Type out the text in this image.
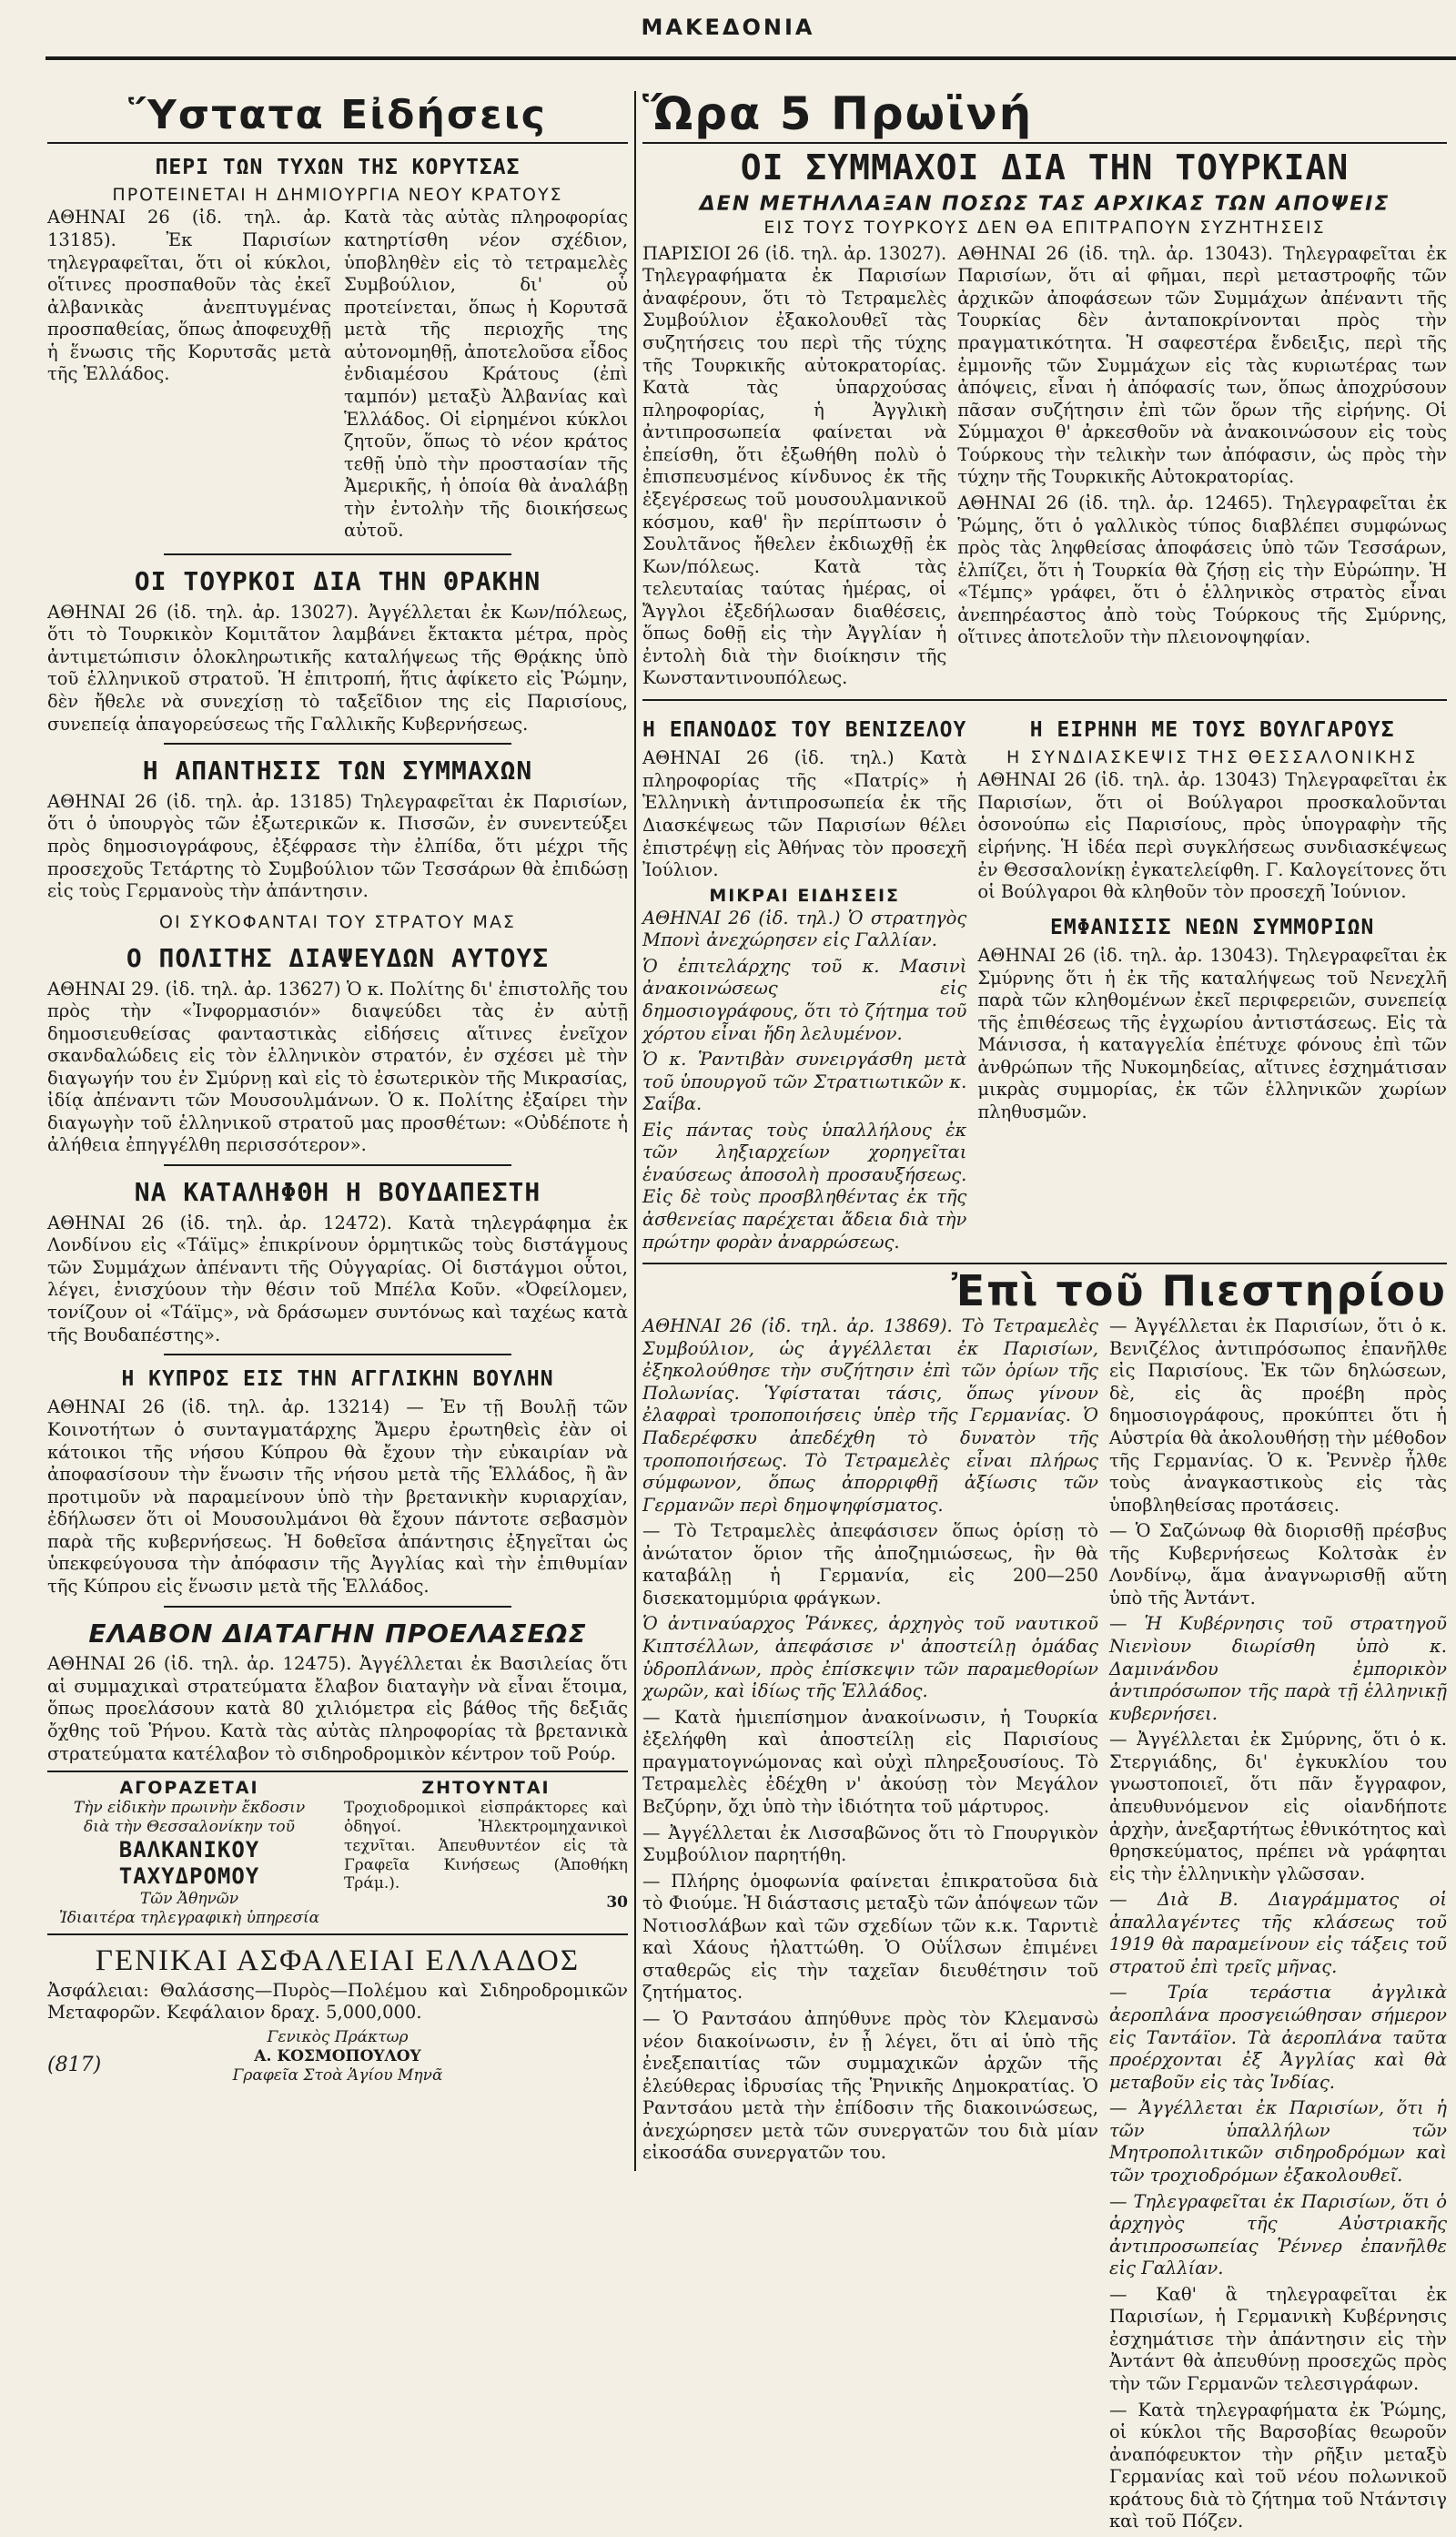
ΜΑΚΕΔΟΝΙΑ
Ὕστατα Εἰδήσεις
ΠΕΡΙ ΤΩΝ ΤΥΧΩΝ ΤΗΣ ΚΟΡΥΤΣΑΣ
ΠΡΟΤΕΙΝΕΤΑΙ Η ΔΗΜΙΟΥΡΓΙΑ ΝΕΟΥ ΚΡΑΤΟΥΣ

ΑΘΗΝΑΙ 26 (ἰδ. τηλ. ἀρ. 13185). Ἐκ Παρισίων τηλεγραφεῖται, ὅτι οἱ κύκλοι, οἵτινες προσπαθοῦν τὰς ἐκεῖ ἀλβανικὰς ἀνεπτυγμένας προσπαθείας, ὅπως ἀποφευχθῇ ἡ ἕνωσις τῆς Κορυτσᾶς μετὰ τῆς Ἑλλάδος.

Κατὰ τὰς αὐτὰς πληροφορίας κατηρτίσθη νέον σχέδιον, ὑποβληθὲν εἰς τὸ τετραμελὲς Συμβούλιον, δι' οὗ προτείνεται, ὅπως ἡ Κορυτσᾶ μετὰ τῆς περιοχῆς της αὐτονομηθῇ, ἀποτελοῦσα εἶδος ἐνδιαμέσου Κράτους (ἐπὶ ταμπόν) μεταξὺ Ἀλβανίας καὶ Ἑλλάδος. Οἱ εἰρημένοι κύκλοι ζητοῦν, ὅπως τὸ νέον κράτος τεθῇ ὑπὸ τὴν προστασίαν τῆς Ἀμερικῆς, ἡ ὁποία θὰ ἀναλάβῃ τὴν ἐντολὴν τῆς διοικήσεως αὐτοῦ.

ΟΙ ΤΟΥΡΚΟΙ ΔΙΑ ΤΗΝ ΘΡΑΚΗΝ

ΑΘΗΝΑΙ 26 (ἰδ. τηλ. ἀρ. 13027). Ἀγγέλλεται ἐκ Κων/πόλεως, ὅτι τὸ Τουρκικὸν Κομιτᾶτον λαμβάνει ἔκτακτα μέτρα, πρὸς ἀντιμετώπισιν ὁλοκληρωτικῆς καταλήψεως τῆς Θρᾴκης ὑπὸ τοῦ ἑλληνικοῦ στρατοῦ. Ἡ ἐπιτροπή, ἥτις ἀφίκετο εἰς Ῥώμην, δὲν ἤθελε νὰ συνεχίσῃ τὸ ταξεῖδιον της εἰς Παρισίους, συνεπείᾳ ἀπαγορεύσεως τῆς Γαλλικῆς Κυβερνήσεως.

Η ΑΠΑΝΤΗΣΙΣ ΤΩΝ ΣΥΜΜΑΧΩΝ

ΑΘΗΝΑΙ 26 (ἰδ. τηλ. ἀρ. 13185) Τηλεγραφεῖται ἐκ Παρισίων, ὅτι ὁ ὑπουργὸς τῶν ἐξωτερικῶν κ. Πισσῶν, ἐν συνεντεύξει πρὸς δημοσιογράφους, ἐξέφρασε τὴν ἐλπίδα, ὅτι μέχρι τῆς προσεχοῦς Τετάρτης τὸ Συμβούλιον τῶν Τεσσάρων θὰ ἐπιδώσῃ εἰς τοὺς Γερμανοὺς τὴν ἀπάντησιν.

ΟΙ ΣΥΚΟΦΑΝΤΑΙ ΤΟΥ ΣΤΡΑΤΟΥ ΜΑΣ
Ο ΠΟΛΙΤΗΣ ΔΙΑΨΕΥΔΩΝ ΑΥΤΟΥΣ

ΑΘΗΝΑΙ 29. (ἰδ. τηλ. ἀρ. 13627) Ὁ κ. Πολίτης δι' ἐπιστολῆς του πρὸς τὴν «Ἰνφορμασιόν» διαψεύδει τὰς ἐν αὐτῇ δημοσιευθείσας φανταστικὰς εἰδήσεις αἵτινες ἐνεῖχον σκανδαλώδεις εἰς τὸν ἑλληνικὸν στρατόν, ἐν σχέσει μὲ τὴν διαγωγήν του ἐν Σμύρνῃ καὶ εἰς τὸ ἐσωτερικὸν τῆς Μικρασίας, ἰδίᾳ ἀπέναντι τῶν Μουσουλμάνων. Ὁ κ. Πολίτης ἐξαίρει τὴν διαγωγὴν τοῦ ἑλληνικοῦ στρατοῦ μας προσθέτων: «Οὐδέποτε ἡ ἀλήθεια ἐπηγγέλθη περισσότερον».

ΝΑ ΚΑΤΑΛΗΦΘΗ Η ΒΟΥΔΑΠΕΣΤΗ

ΑΘΗΝΑΙ 26 (ἰδ. τηλ. ἀρ. 12472). Κατὰ τηλεγράφημα ἐκ Λονδίνου εἰς «Τάϊμς» ἐπικρίνουν ὁρμητικῶς τοὺς διστάγμους τῶν Συμμάχων ἀπέναντι τῆς Οὐγγαρίας. Οἱ διστάγμοι οὗτοι, λέγει, ἐνισχύουν τὴν θέσιν τοῦ Μπέλα Κοῦν. «Ὀφείλομεν, τονίζουν οἱ «Τάϊμς», νὰ δράσωμεν συντόνως καὶ ταχέως κατὰ τῆς Βουδαπέστης».

Η ΚΥΠΡΟΣ ΕΙΣ ΤΗΝ ΑΓΓΛΙΚΗΝ ΒΟΥΛΗΝ

ΑΘΗΝΑΙ 26 (ἰδ. τηλ. ἀρ. 13214) — Ἐν τῇ Βουλῇ τῶν Κοινοτήτων ὁ συνταγματάρχης Ἄμερυ ἐρωτηθεὶς ἐὰν οἱ κάτοικοι τῆς νήσου Κύπρου θὰ ἔχουν τὴν εὐκαιρίαν νὰ ἀποφασίσουν τὴν ἕνωσιν τῆς νήσου μετὰ τῆς Ἑλλάδος, ἢ ἂν προτιμοῦν νὰ παραμείνουν ὑπὸ τὴν βρετανικὴν κυριαρχίαν, ἐδήλωσεν ὅτι οἱ Μουσουλμάνοι θὰ ἔχουν πάντοτε σεβασμὸν παρὰ τῆς κυβερνήσεως. Ἡ δοθεῖσα ἀπάντησις ἐξηγεῖται ὡς ὑπεκφεύγουσα τὴν ἀπόφασιν τῆς Ἀγγλίας καὶ τὴν ἐπιθυμίαν τῆς Κύπρου εἰς ἕνωσιν μετὰ τῆς Ἑλλάδος.

ΕΛΑΒΟΝ ΔΙΑΤΑΓΗΝ ΠΡΟΕΛΑΣΕΩΣ

ΑΘΗΝΑΙ 26 (ἰδ. τηλ. ἀρ. 12475). Ἀγγέλλεται ἐκ Βασιλείας ὅτι αἱ συμμαχικαὶ στρατεύματα ἔλαβον διαταγὴν νὰ εἶναι ἕτοιμα, ὅπως προελάσουν κατὰ 80 χιλιόμετρα εἰς βάθος τῆς δεξιᾶς ὄχθης τοῦ Ῥήνου. Κατὰ τὰς αὐτὰς πληροφορίας τὰ βρετανικὰ στρατεύματα κατέλαβον τὸ σιδηροδρομικὸν κέντρον τοῦ Ρούρ.

ΑΓΟΡΑΖΕΤΑΙ
Τὴν εἰδικὴν πρωινὴν ἔκδοσιν
διὰ τὴν Θεσσαλονίκην τοῦ
ΒΑΛΚΑΝΙΚΟΥ ΤΑΧΥΔΡΟΜΟΥ
Τῶν Ἀθηνῶν
Ἰδιαιτέρα τηλεγραφικὴ ὑπηρεσία
ΖΗΤΟΥΝΤΑΙ
Τροχιοδρομικοὶ εἰσπράκτορες καὶ ὁδηγοί. Ἠλεκτρομηχανικοὶ τεχνῖται. Ἀπευθυντέον εἰς τὰ Γραφεῖα Κινήσεως (Ἀποθήκη Τράμ.).
30
ΓΕΝΙΚΑΙ ΑΣΦΑΛΕΙΑΙ ΕΛΛΑΔΟΣ

Ἀσφάλειαι: Θαλάσσης—Πυρὸς—Πολέμου καὶ Σιδηροδρομικῶν Μεταφορῶν. Κεφάλαιον δραχ. 5,000,000.

(817)
Γενικὸς Πράκτωρ
Α. ΚΟΣΜΟΠΟΥΛΟΥ
Γραφεῖα Στοὰ Ἁγίου Μηνᾶ
Ὥρα 5 Πρωϊνή
ΟΙ ΣΥΜΜΑΧΟΙ ΔΙΑ ΤΗΝ ΤΟΥΡΚΙΑΝ
ΔΕΝ ΜΕΤΗΛΛΑΞΑΝ ΠΟΣΩΣ ΤΑΣ ΑΡΧΙΚΑΣ ΤΩΝ ΑΠΟΨΕΙΣ
ΕΙΣ ΤΟΥΣ ΤΟΥΡΚΟΥΣ ΔΕΝ ΘΑ ΕΠΙΤΡΑΠΟΥΝ ΣΥΖΗΤΗΣΕΙΣ

ΠΑΡΙΣΙΟΙ 26 (ἰδ. τηλ. ἀρ. 13027). Τηλεγραφήματα ἐκ Παρισίων ἀναφέρουν, ὅτι τὸ Τετραμελὲς Συμβούλιον ἐξακολουθεῖ τὰς συζητήσεις του περὶ τῆς τύχης τῆς Τουρκικῆς αὐτοκρατορίας. Κατὰ τὰς ὑπαρχούσας πληροφορίας, ἡ Ἀγγλικὴ ἀντιπροσωπεία φαίνεται νὰ ἐπείσθη, ὅτι ἐξωθήθη πολὺ ὁ ἐπισπευσμένος κίνδυνος ἐκ τῆς ἐξεγέρσεως τοῦ μουσουλμανικοῦ κόσμου, καθ' ἣν περίπτωσιν ὁ Σουλτᾶνος ἤθελεν ἐκδιωχθῇ ἐκ Κων/πόλεως. Κατὰ τὰς τελευταίας ταύτας ἡμέρας, οἱ Ἄγγλοι ἐξεδήλωσαν διαθέσεις, ὅπως δοθῇ εἰς τὴν Ἀγγλίαν ἡ ἐντολὴ διὰ τὴν διοίκησιν τῆς Κωνσταντινουπόλεως.

ΑΘΗΝΑΙ 26 (ἰδ. τηλ. ἀρ. 13043). Τηλεγραφεῖται ἐκ Παρισίων, ὅτι αἱ φῆμαι, περὶ μεταστροφῆς τῶν ἀρχικῶν ἀποφάσεων τῶν Συμμάχων ἀπέναντι τῆς Τουρκίας δὲν ἀνταποκρίνονται πρὸς τὴν πραγματικότητα. Ἡ σαφεστέρα ἔνδειξις, περὶ τῆς ἐμμονῆς τῶν Συμμάχων εἰς τὰς κυριωτέρας των ἀπόψεις, εἶναι ἡ ἀπόφασίς των, ὅπως ἀποχρύσουν πᾶσαν συζήτησιν ἐπὶ τῶν ὅρων τῆς εἰρήνης. Οἱ Σύμμαχοι θ' ἀρκεσθοῦν νὰ ἀνακοινώσουν εἰς τοὺς Τούρκους τὴν τελικὴν των ἀπόφασιν, ὡς πρὸς τὴν τύχην τῆς Τουρκικῆς Αὐτοκρατορίας.

ΑΘΗΝΑΙ 26 (ἰδ. τηλ. ἀρ. 12465). Τηλεγραφεῖται ἐκ Ῥώμης, ὅτι ὁ γαλλικὸς τύπος διαβλέπει συμφώνως πρὸς τὰς ληφθείσας ἀποφάσεις ὑπὸ τῶν Τεσσάρων, ἐλπίζει, ὅτι ἡ Τουρκία θὰ ζήσῃ εἰς τὴν Εὐρώπην. Ἡ «Τέμπς» γράφει, ὅτι ὁ ἑλληνικὸς στρατὸς εἶναι ἀνεπηρέαστος ἀπὸ τοὺς Τούρκους τῆς Σμύρνης, οἵτινες ἀποτελοῦν τὴν πλειονοψηφίαν.

Η ΕΠΑΝΟΔΟΣ ΤΟΥ ΒΕΝΙΖΕΛΟΥ

ΑΘΗΝΑΙ 26 (ἰδ. τηλ.) Κατὰ πληροφορίας τῆς «Πατρίς» ἡ Ἑλληνικὴ ἀντιπροσωπεία ἐκ τῆς Διασκέψεως τῶν Παρισίων θέλει ἐπιστρέψῃ εἰς Ἀθήνας τὸν προσεχῆ Ἰούλιον.

ΜΙΚΡΑΙ ΕΙΔΗΣΕΙΣ

ΑΘΗΝΑΙ 26 (ἰδ. τηλ.) Ὁ στρατηγὸς Μπονὶ ἀνεχώρησεν εἰς Γαλλίαν.

Ὁ ἐπιτελάρχης τοῦ κ. Μασινὶ ἀνακοινώσεως εἰς δημοσιογράφους, ὅτι τὸ ζήτημα τοῦ χόρτου εἶναι ἤδη λελυμένον.

Ὁ κ. Ῥαντιβὰν συνειργάσθη μετὰ τοῦ ὑπουργοῦ τῶν Στρατιωτικῶν κ. Σαΐβα.

Εἰς πάντας τοὺς ὑπαλλήλους ἐκ τῶν ληξιαρχείων χορηγεῖται ἑναύσεως ἀποσολὴ προσαυξήσεως. Εἰς δὲ τοὺς προσβληθέντας ἐκ τῆς ἀσθενείας παρέχεται ἄδεια διὰ τὴν πρώτην φορὰν ἀναρρώσεως.

Η ΕΙΡΗΝΗ ΜΕ ΤΟΥΣ ΒΟΥΛΓΑΡΟΥΣ
Η ΣΥΝΔΙΑΣΚΕΨΙΣ ΤΗΣ ΘΕΣΣΑΛΟΝΙΚΗΣ

ΑΘΗΝΑΙ 26 (ἰδ. τηλ. ἀρ. 13043) Τηλεγραφεῖται ἐκ Παρισίων, ὅτι οἱ Βούλγαροι προσκαλοῦνται ὁσονούπω εἰς Παρισίους, πρὸς ὑπογραφὴν τῆς εἰρήνης. Ἡ ἰδέα περὶ συγκλήσεως συνδιασκέψεως ἐν Θεσσαλονίκῃ ἐγκατελείφθη. Γ. Καλογείτονες ὅτι οἱ Βούλγαροι θὰ κληθοῦν τὸν προσεχῆ Ἰούνιον.

ΕΜΦΑΝΙΣΙΣ ΝΕΩΝ ΣΥΜΜΟΡΙΩΝ

ΑΘΗΝΑΙ 26 (ἰδ. τηλ. ἀρ. 13043). Τηλεγραφεῖται ἐκ Σμύρνης ὅτι ἡ ἐκ τῆς καταλήψεως τοῦ Νενεχλῆ παρὰ τῶν κληθομένων ἐκεῖ περιφερειῶν, συνεπείᾳ τῆς ἐπιθέσεως τῆς ἐγχωρίου ἀντιστάσεως. Εἰς τὰ Μάνισσα, ἡ καταγγελία ἐπέτυχε φόνους ἐπὶ τῶν ἀνθρώπων τῆς Νυκομηδείας, αἵτινες ἐσχημάτισαν μικρὰς συμμορίας, ἐκ τῶν ἑλληνικῶν χωρίων πληθυσμῶν.

Ἐπὶ τοῦ Πιεστηρίου

ΑΘΗΝΑΙ 26 (ἰδ. τηλ. ἀρ. 13869). Τὸ Τετραμελὲς Συμβούλιον, ὡς ἀγγέλλεται ἐκ Παρισίων, ἐξηκολούθησε τὴν συζήτησιν ἐπὶ τῶν ὁρίων τῆς Πολωνίας. Ὑφίσταται τάσις, ὅπως γίνουν ἐλαφραὶ τροποποιήσεις ὑπὲρ τῆς Γερμανίας. Ὁ Παδερέφσκυ ἀπεδέχθη τὸ δυνατὸν τῆς τροποποιήσεως. Τὸ Τετραμελὲς εἶναι πλήρως σύμφωνον, ὅπως ἀπορριφθῇ ἀξίωσις τῶν Γερμανῶν περὶ δημοψηφίσματος.

— Τὸ Τετραμελὲς ἀπεφάσισεν ὅπως ὁρίσῃ τὸ ἀνώτατον ὅριον τῆς ἀποζημιώσεως, ἣν θὰ καταβάλῃ ἡ Γερμανία, εἰς 200—250 δισεκατομμύρια φράγκων.

Ὁ ἀντιναύαρχος Ῥάνκες, ἀρχηγὸς τοῦ ναυτικοῦ Κιπτσέλλων, ἀπεφάσισε ν' ἀποστείλῃ ὁμάδας ὑδροπλάνων, πρὸς ἐπίσκεψιν τῶν παραμεθορίων χωρῶν, καὶ ἰδίως τῆς Ἑλλάδος.

— Κατὰ ἡμιεπίσημον ἀνακοίνωσιν, ἡ Τουρκία ἐξελήφθη καὶ ἀποστείλῃ εἰς Παρισίους πραγματογνώμονας καὶ οὐχὶ πληρεξουσίους. Τὸ Τετραμελὲς ἐδέχθη ν' ἀκούσῃ τὸν Μεγάλον Βεζύρην, ὄχι ὑπὸ τὴν ἰδιότητα τοῦ μάρτυρος.

— Ἀγγέλλεται ἐκ Λισσαβῶνος ὅτι τὸ Γπουργικὸν Συμβούλιον παρητήθη.

— Πλήρης ὁμοφωνία φαίνεται ἐπικρατοῦσα διὰ τὸ Φιούμε. Ἡ διάστασις μεταξὺ τῶν ἀπόψεων τῶν Νοτιοσλάβων καὶ τῶν σχεδίων τῶν κ.κ. Ταρντιὲ καὶ Χάους ἠλαττώθη. Ὁ Οὐΐλσων ἐπιμένει σταθερῶς εἰς τὴν ταχεῖαν διευθέτησιν τοῦ ζητήματος.

— Ὁ Ραντσάου ἀπηύθυνε πρὸς τὸν Κλεμανσὼ νέον διακοίνωσιν, ἐν ᾗ λέγει, ὅτι αἱ ὑπὸ τῆς ἐνεξεπαιτίας τῶν συμμαχικῶν ἀρχῶν τῆς ἐλεύθερας ἰδρυσίας τῆς Ῥηνικῆς Δημοκρατίας. Ὁ Ραντσάου μετὰ τὴν ἐπίδοσιν τῆς διακοινώσεως, ἀνεχώρησεν μετὰ τῶν συνεργατῶν του διὰ μίαν εἰκοσάδα συνεργατῶν του.

— Ἀγγέλλεται ἐκ Παρισίων, ὅτι ὁ κ. Βενιζέλος ἀντιπρόσωπος ἐπανῆλθε εἰς Παρισίους. Ἐκ τῶν δηλώσεων, δὲ, εἰς ἃς προέβη πρὸς δημοσιογράφους, προκύπτει ὅτι ἡ Αὐστρία θὰ ἀκολουθήσῃ τὴν μέθοδον τῆς Γερμανίας. Ὁ κ. Ῥεννὲρ ἦλθε τοὺς ἀναγκαστικοὺς εἰς τὰς ὑποβληθείσας προτάσεις.

— Ὁ Σαζώνωφ θὰ διορισθῇ πρέσβυς τῆς Κυβερνήσεως Κολτσὰκ ἐν Λονδίνῳ, ἅμα ἀναγνωρισθῇ αὕτη ὑπὸ τῆς Ἀντάντ.

— Ἡ Κυβέρνησις τοῦ στρατηγοῦ Νιενὶουν διωρίσθη ὑπὸ κ. Δαμινάνδου ἐμπορικὸν ἀντιπρόσωπον τῆς παρὰ τῇ ἑλληνικῇ κυβερνήσει.

— Ἀγγέλλεται ἐκ Σμύρνης, ὅτι ὁ κ. Στεργιάδης, δι' ἐγκυκλίου του γνωστοποιεῖ, ὅτι πᾶν ἔγγραφον, ἀπευθυνόμενον εἰς οἱανδήποτε ἀρχὴν, ἀνεξαρτήτως ἐθνικότητος καὶ θρησκεύματος, πρέπει νὰ γράφηται εἰς τὴν ἑλληνικὴν γλῶσσαν.

— Διὰ Β. Διαγράμματος οἱ ἀπαλλαγέντες τῆς κλάσεως τοῦ 1919 θὰ παραμείνουν εἰς τάξεις τοῦ στρατοῦ ἐπὶ τρεῖς μῆνας.

— Τρία τεράστια ἀγγλικὰ ἀεροπλάνα προσγειώθησαν σήμερον εἰς Ταντάϊον. Τὰ ἀεροπλάνα ταῦτα προέρχονται ἐξ Ἀγγλίας καὶ θὰ μεταβοῦν εἰς τὰς Ἰνδίας.

— Ἀγγέλλεται ἐκ Παρισίων, ὅτι ἡ τῶν ὑπαλλήλων τῶν Μητροπολιτικῶν σιδηροδρόμων καὶ τῶν τροχιοδρόμων ἐξακολουθεῖ.

— Τηλεγραφεῖται ἐκ Παρισίων, ὅτι ὁ ἀρχηγὸς τῆς Αὐστριακῆς ἀντιπροσωπείας Ῥέννερ ἐπανῆλθε εἰς Γαλλίαν.

— Καθ' ἃ τηλεγραφεῖται ἐκ Παρισίων, ἡ Γερμανικὴ Κυβέρνησις ἐσχημάτισε τὴν ἀπάντησιν εἰς τὴν Ἀντάντ θὰ ἀπευθύνῃ προσεχῶς πρὸς τὴν τῶν Γερμανῶν τελεσιγράφων.

— Κατὰ τηλεγραφήματα ἐκ Ῥώμης, οἱ κύκλοι τῆς Βαρσοβίας θεωροῦν ἀναπόφευκτον τὴν ρῆξιν μεταξὺ Γερμανίας καὶ τοῦ νέου πολωνικοῦ κράτους διὰ τὸ ζήτημα τοῦ Ντάντσιγ καὶ τοῦ Πόζεν.
